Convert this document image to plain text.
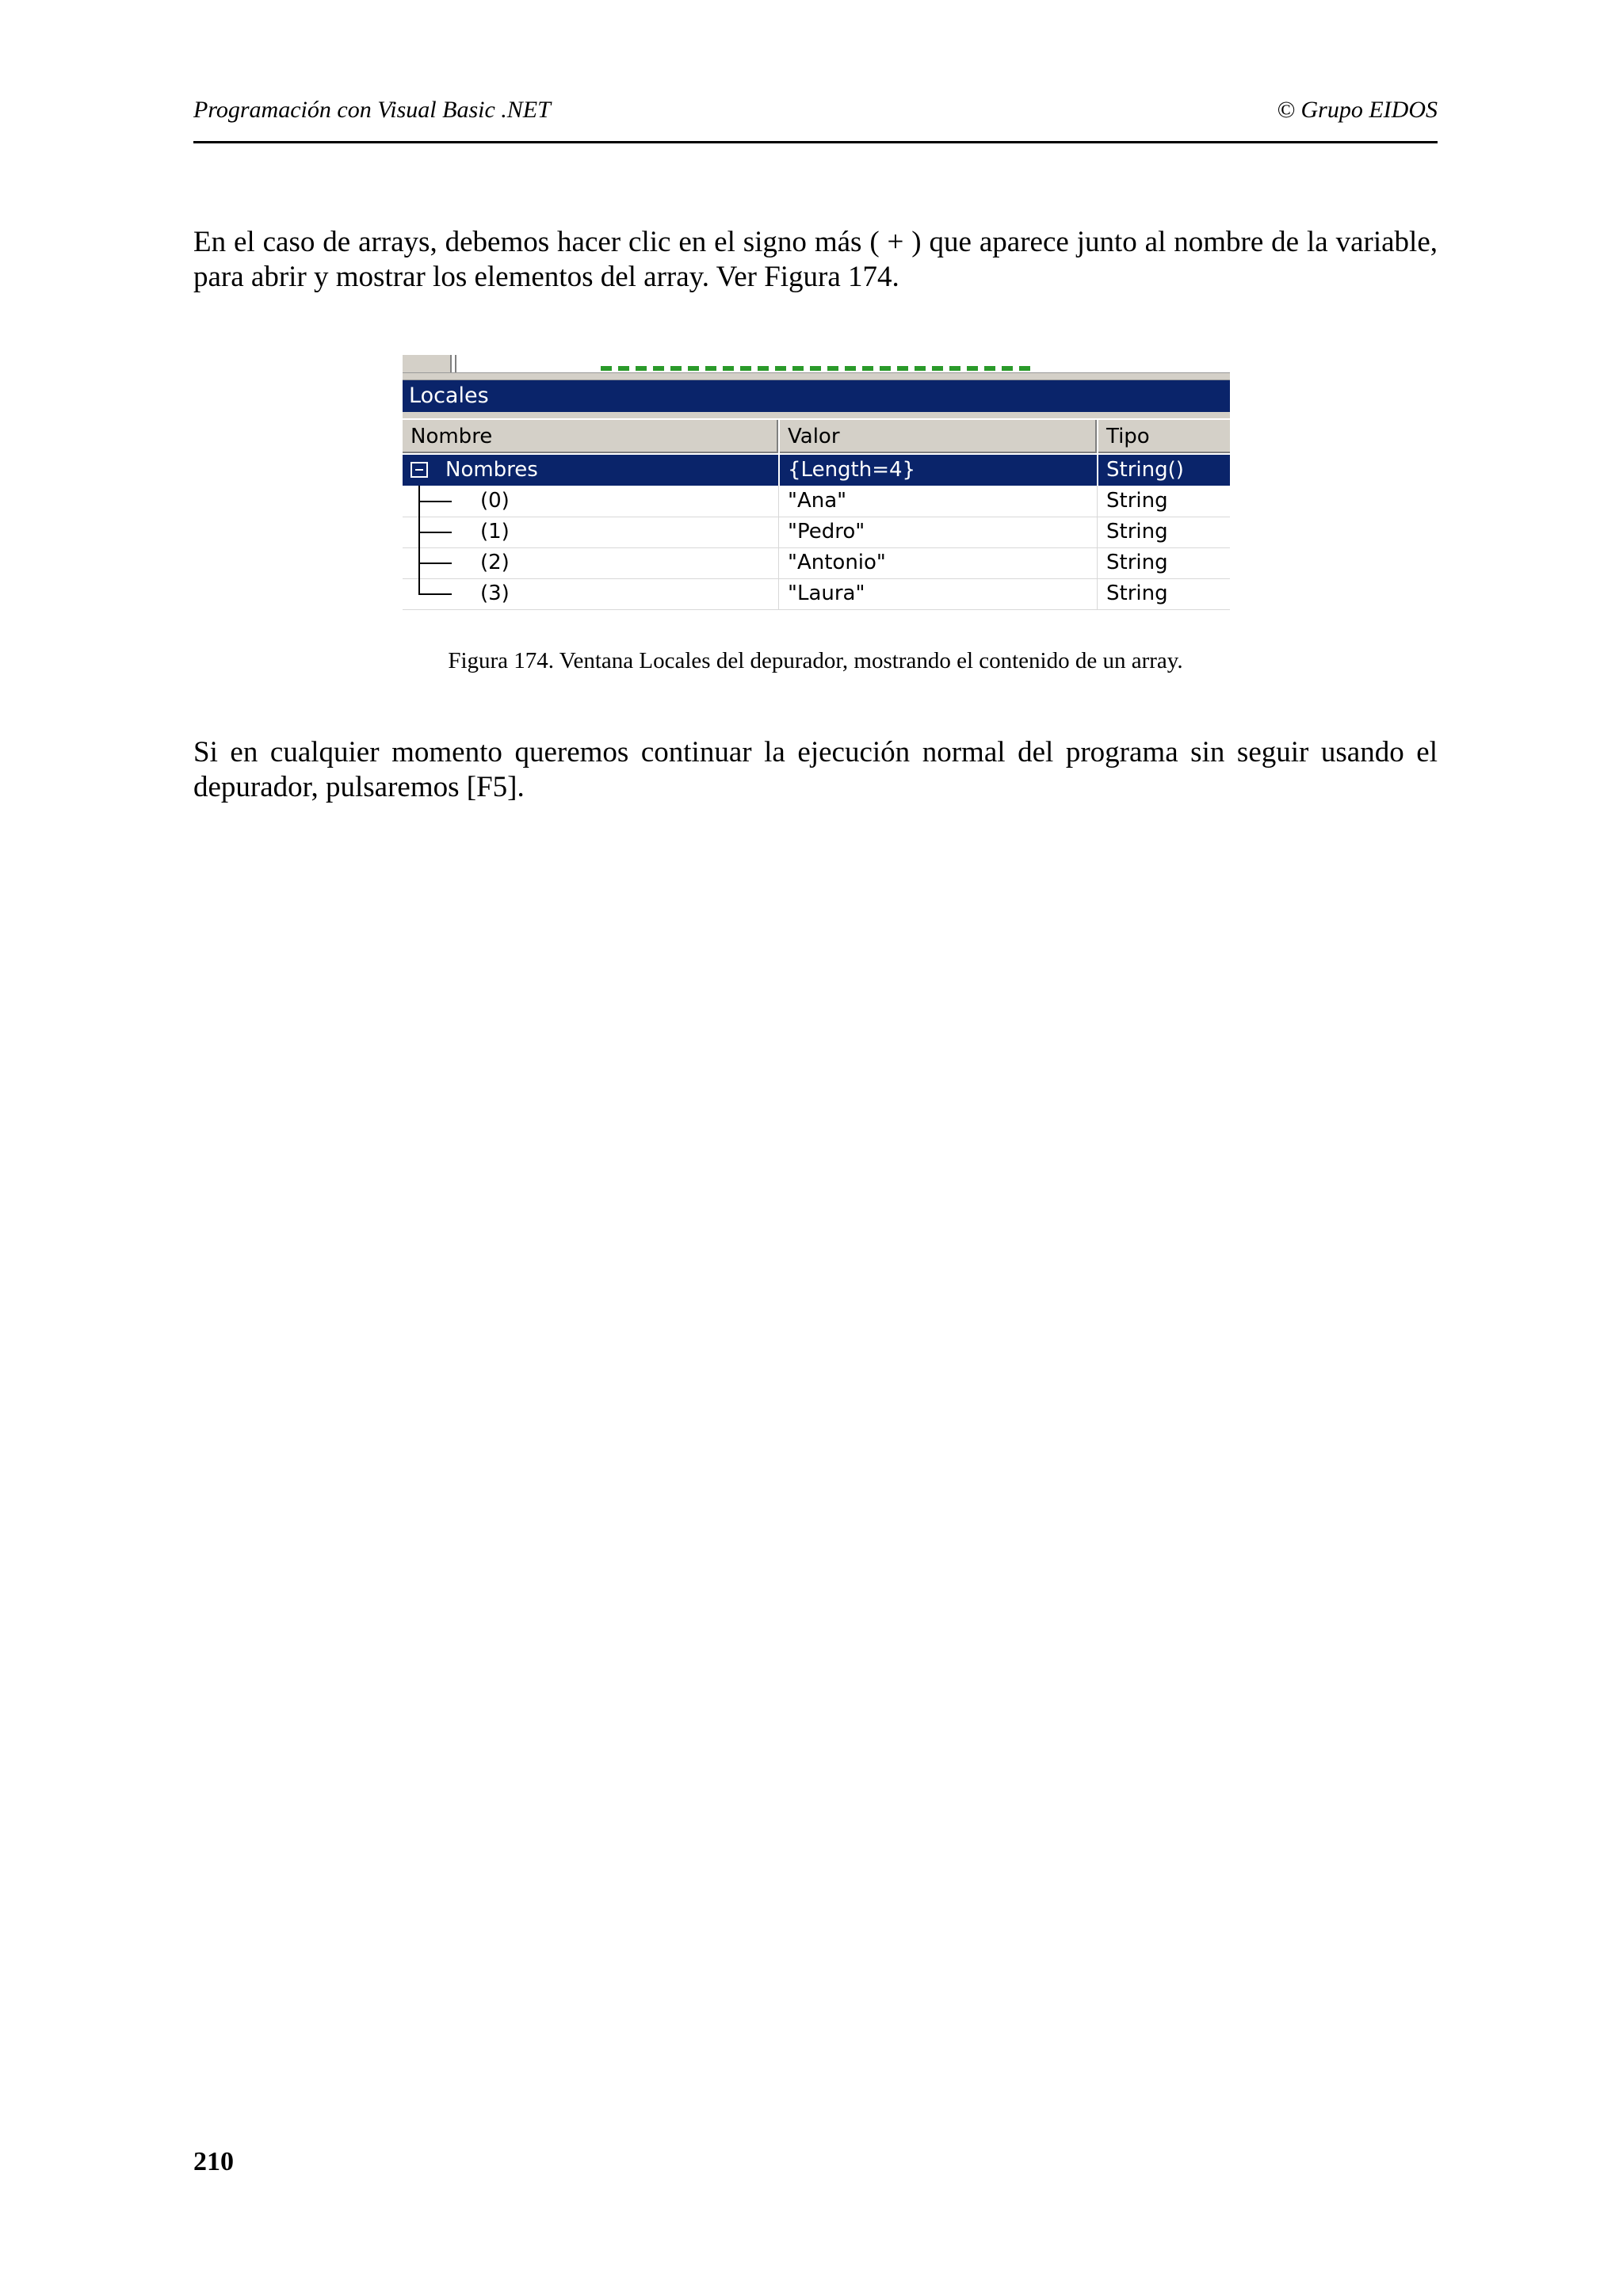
Programación con Visual Basic .NET	© Grupo EIDOS
En el caso de arrays, debemos hacer clic en el signo más ( + ) que aparece junto al nombre de la variable, para abrir y mostrar los elementos del array. Ver Figura 174.
Locales
Nombre	Valor	Tipo
Nombres	{Length=4}	String()
(0)	"Ana"	String
(1)	"Pedro"	String
(2)	"Antonio"	String
(3)	"Laura"	String
Figura 174. Ventana Locales del depurador, mostrando el contenido de un array.
Si en cualquier momento queremos continuar la ejecución normal del programa sin seguir usando el depurador, pulsaremos [F5].
210
